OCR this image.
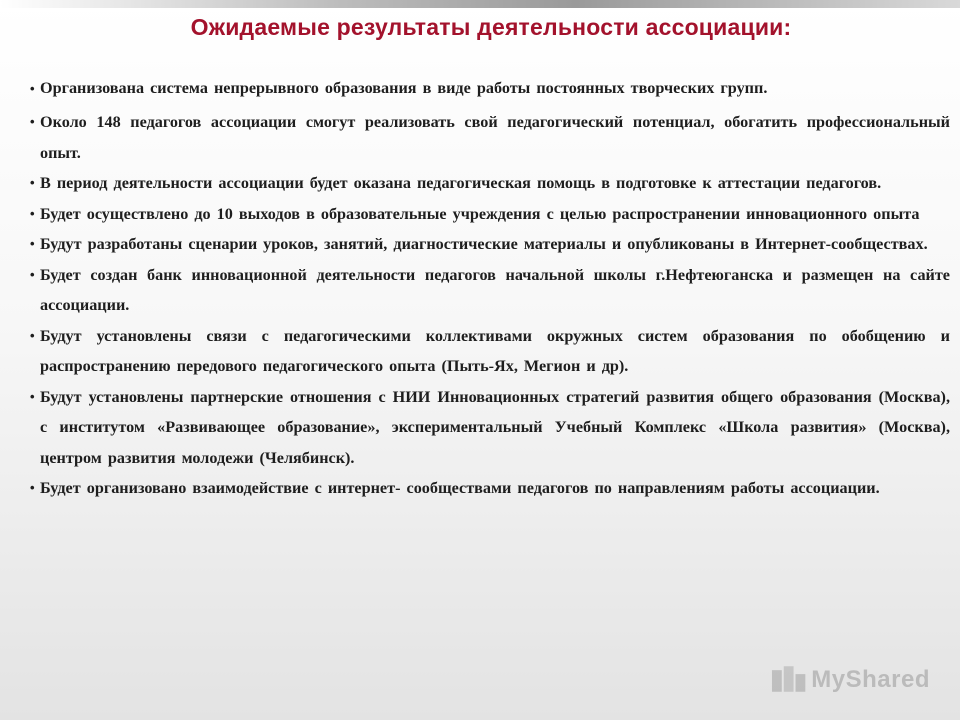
Ожидаемые результаты деятельности ассоциации:
• Организована система непрерывного образования в виде работы постоянных творческих групп.
• Около 148 педагогов ассоциации смогут реализовать свой педагогический потенциал, обогатить профессиональный опыт.
• В период деятельности ассоциации будет оказана педагогическая помощь в подготовке к аттестации педагогов.
• Будет осуществлено до 10 выходов в образовательные учреждения с целью распространении инновационного опыта
• Будут разработаны сценарии уроков, занятий, диагностические материалы и опубликованы в Интернет-сообществах.
• Будет создан банк инновационной деятельности педагогов начальной школы г.Нефтеюганска и размещен на сайте ассоциации.
• Будут установлены связи с педагогическими коллективами окружных систем образования по обобщению и распространению передового педагогического опыта (Пыть-Ях, Мегион и др).
• Будут установлены партнерские отношения с НИИ Инновационных стратегий развития общего образования (Москва), с институтом «Развивающее образование», экспериментальный Учебный Комплекс «Школа развития» (Москва), центром развития молодежи (Челябинск).
• Будет организовано взаимодействие с интернет- сообществами педагогов по направлениям работы ассоциации.
MyShared
